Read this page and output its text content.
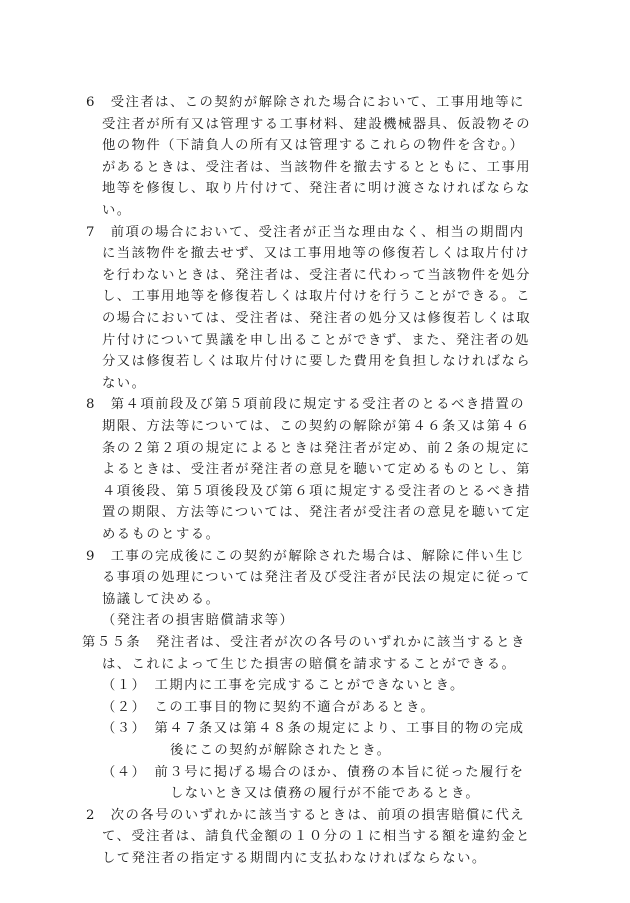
6　受注者は、この契約が解除された場合において、工事用地等に
受注者が所有又は管理する工事材料、建設機械器具、仮設物その
他の物件（下請負人の所有又は管理するこれらの物件を含む。）
があるときは、受注者は、当該物件を撤去するとともに、工事用
地等を修復し、取り片付けて、発注者に明け渡さなければならな
い。
7　前項の場合において、受注者が正当な理由なく、相当の期間内
に当該物件を撤去せず、又は工事用地等の修復若しくは取片付け
を行わないときは、発注者は、受注者に代わって当該物件を処分
し、工事用地等を修復若しくは取片付けを行うことができる。こ
の場合においては、受注者は、発注者の処分又は修復若しくは取
片付けについて異議を申し出ることができず、また、発注者の処
分又は修復若しくは取片付けに要した費用を負担しなければなら
ない。
8　第４項前段及び第５項前段に規定する受注者のとるべき措置の
期限、方法等については、この契約の解除が第４６条又は第４６
条の２第２項の規定によるときは発注者が定め、前２条の規定に
よるときは、受注者が発注者の意見を聴いて定めるものとし、第
４項後段、第５項後段及び第６項に規定する受注者のとるべき措
置の期限、方法等については、発注者が受注者の意見を聴いて定
めるものとする。
9　工事の完成後にこの契約が解除された場合は、解除に伴い生じ
る事項の処理については発注者及び受注者が民法の規定に従って
協議して決める。
（発注者の損害賠償請求等）
第５５条　発注者は、受注者が次の各号のいずれかに該当するとき
は、これによって生じた損害の賠償を請求することができる。
（１）　工期内に工事を完成することができないとき。
（２）　この工事目的物に契約不適合があるとき。
（３）　第４７条又は第４８条の規定により、工事目的物の完成
後にこの契約が解除されたとき。
（４）　前３号に掲げる場合のほか、債務の本旨に従った履行を
しないとき又は債務の履行が不能であるとき。
2　次の各号のいずれかに該当するときは、前項の損害賠償に代え
て、受注者は、請負代金額の１０分の１に相当する額を違約金と
して発注者の指定する期間内に支払わなければならない。
